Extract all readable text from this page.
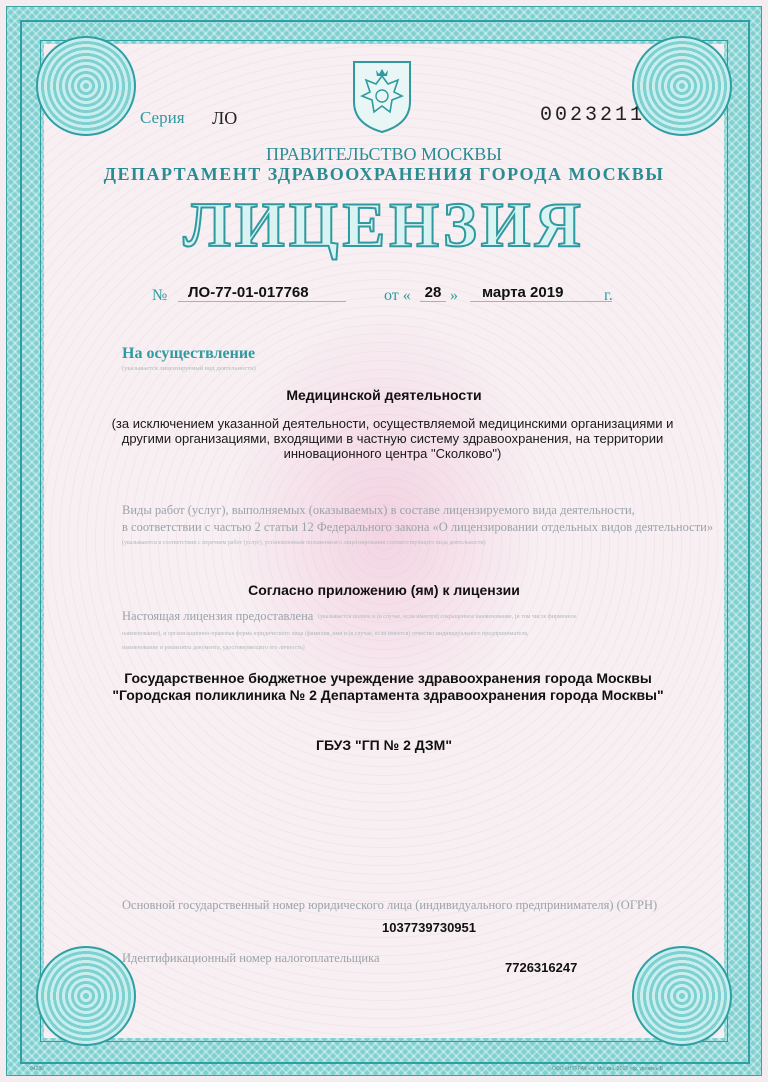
Серия ЛО	0023211
ПРАВИТЕЛЬСТВО МОСКВЫ
ДЕПАРТАМЕНТ ЗДРАВООХРАНЕНИЯ ГОРОДА МОСКВЫ
ЛИЦЕНЗИЯ
№	ЛО-77-01-017768	от « 28 »	марта 2019	г.
На осуществление
(указывается лицензируемый вид деятельности)
Медицинской деятельности
(за исключением указанной деятельности, осуществляемой медицинскими организациями и другими организациями, входящими в частную систему здравоохранения, на территории инновационного центра "Сколково")
Виды работ (услуг), выполняемых (оказываемых) в составе лицензируемого вида деятельности,
в соответствии с частью 2 статьи 12 Федерального закона «О лицензировании отдельных видов деятельности»
(указываются в соответствии с перечнем работ (услуг), установленным положением о лицензировании соответствующего вида деятельности)
Согласно приложению (ям) к лицензии
Настоящая лицензия предоставлена (указывается полное и (в случае, если имеется) сокращенное наименование, (в том числе фирменное
наименование), и организационно-правовая форма юридического лица (фамилия, имя и (в случае, если имеется) отчество индивидуального предпринимателя,
наименование и реквизиты документа, удостоверяющего его личность)
Государственное бюджетное учреждение здравоохранения города Москвы "Городская поликлиника № 2 Департамента здравоохранения города Москвы"
ГБУЗ "ГП № 2 ДЗМ"
Основной государственный номер юридического лица (индивидуального предпринимателя) (ОГРН)
1037739730951
Идентификационный номер налогоплательщика
7726316247
94236	ООО «НТТРАФ», г. Москва, 2017 год, уровень В
